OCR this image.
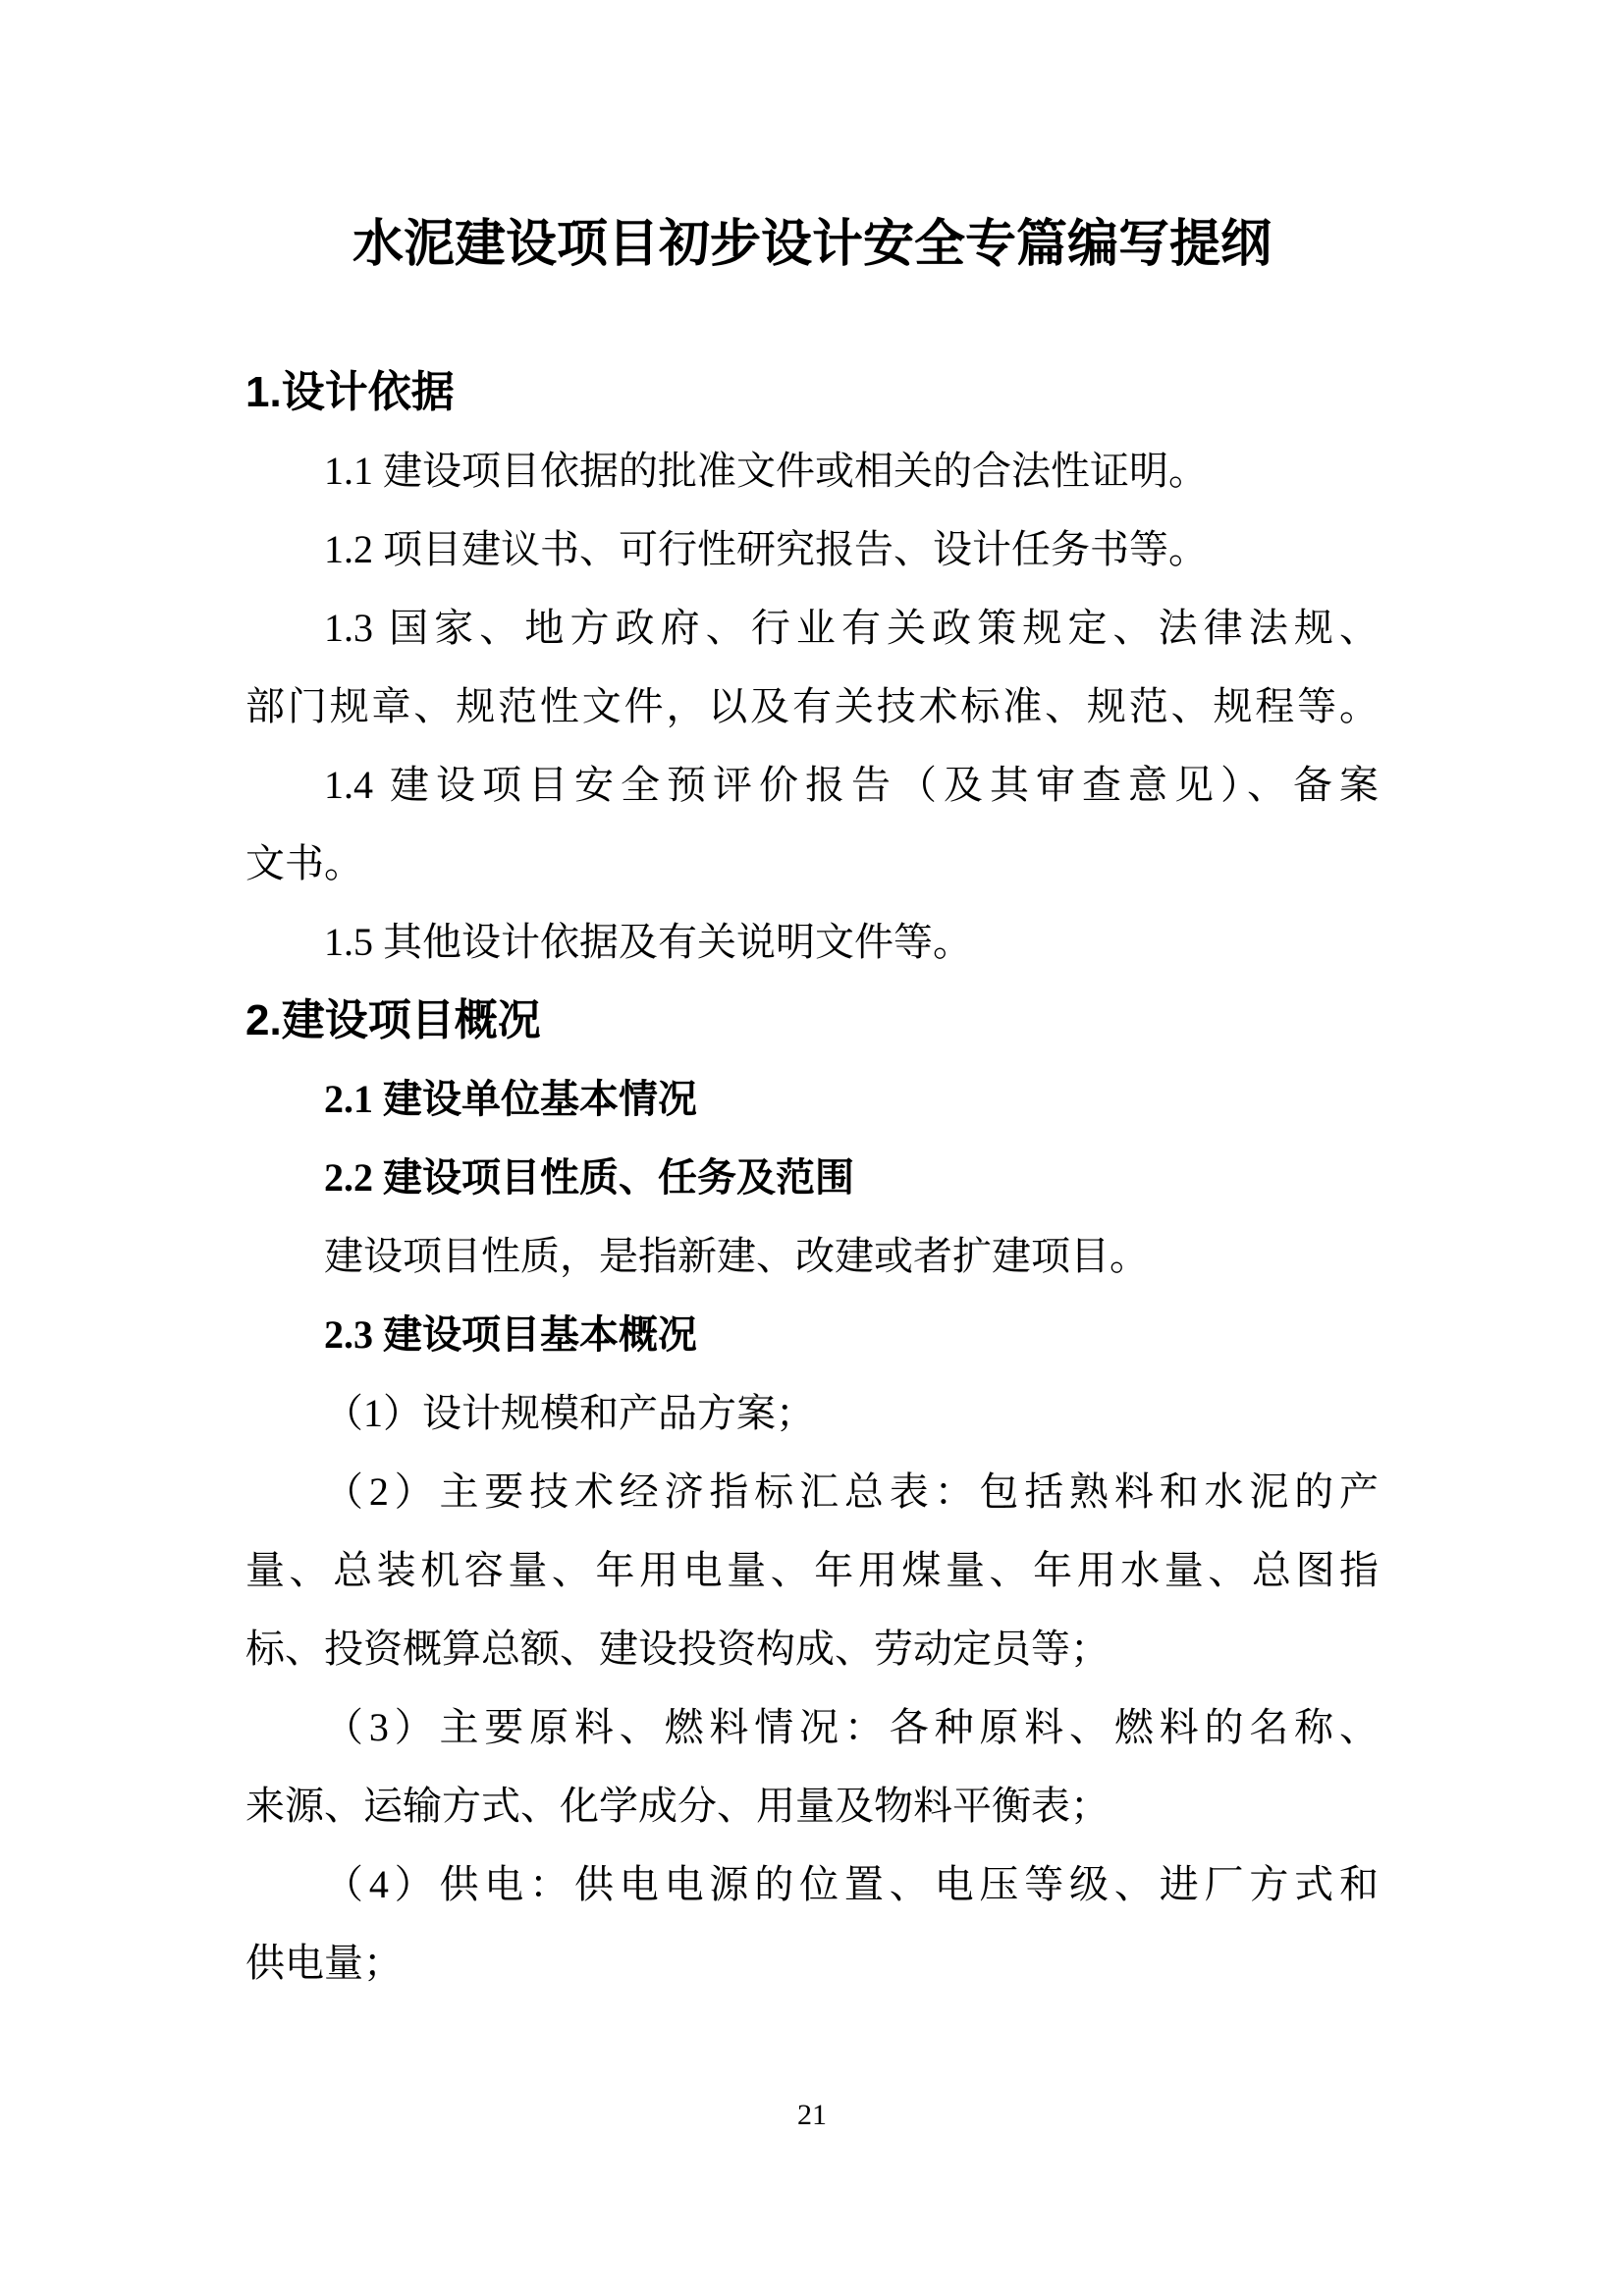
水泥建设项目初步设计安全专篇编写提纲
1.设计依据
1.1 建设项目依据的批准文件或相关的合法性证明。
1.2 项目建议书、可行性研究报告、设计任务书等。
1.3 国家、地方政府、行业有关政策规定、法律法规、
部门规章、规范性文件，以及有关技术标准、规范、规程等。
1.4 建设项目安全预评价报告（及其审查意见）、备案
文书。
1.5 其他设计依据及有关说明文件等。
2.建设项目概况
2.1 建设单位基本情况
2.2 建设项目性质、任务及范围
建设项目性质，是指新建、改建或者扩建项目。
2.3 建设项目基本概况
（1）设计规模和产品方案；
（2）主要技术经济指标汇总表：包括熟料和水泥的产
量、总装机容量、年用电量、年用煤量、年用水量、总图指
标、投资概算总额、建设投资构成、劳动定员等；
（3）主要原料、燃料情况：各种原料、燃料的名称、
来源、运输方式、化学成分、用量及物料平衡表；
（4）供电：供电电源的位置、电压等级、进厂方式和
供电量；
21
